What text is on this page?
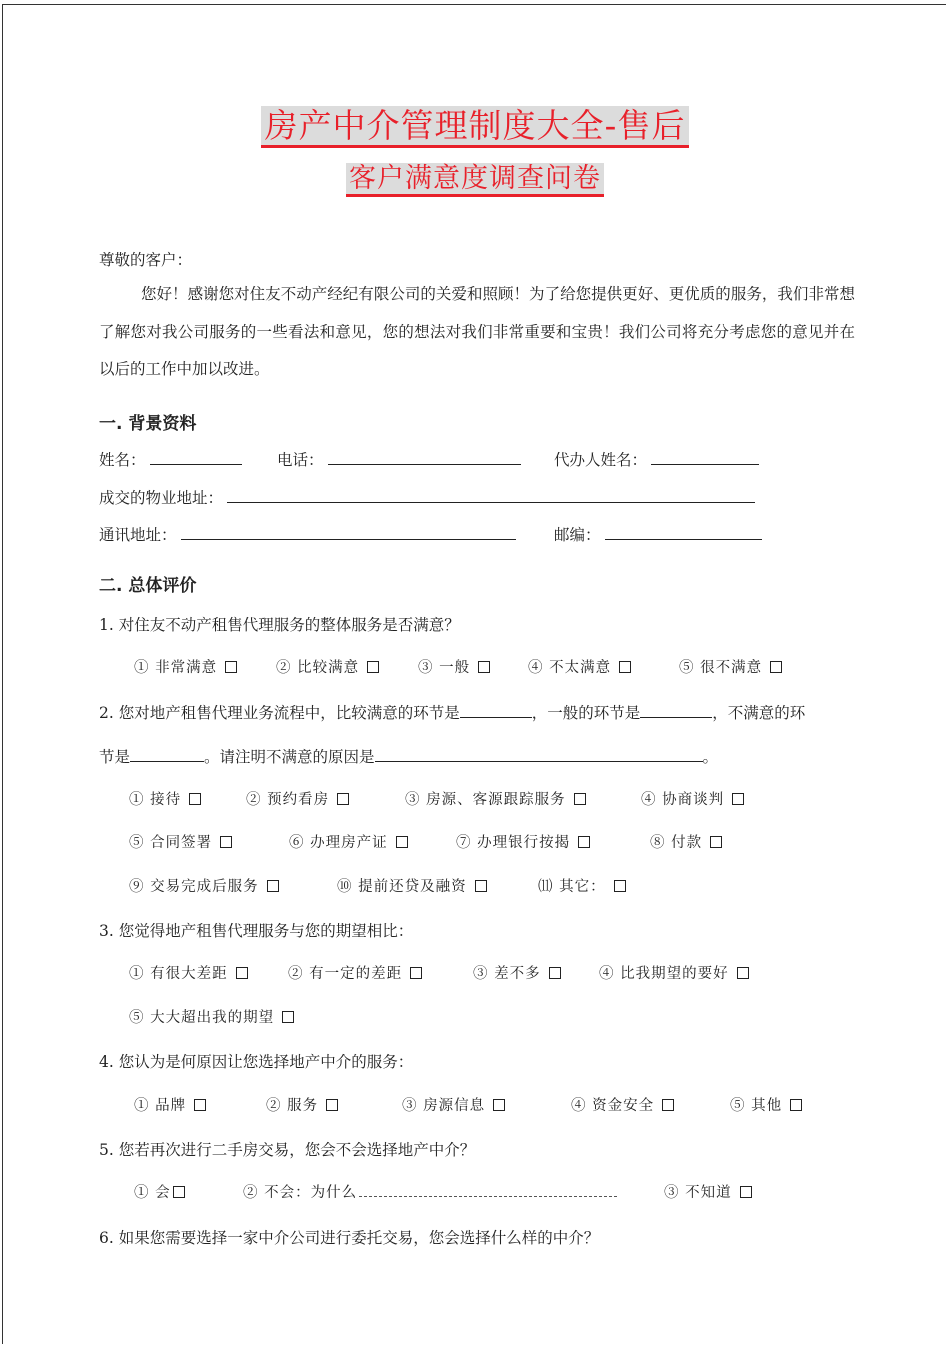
房产中介管理制度大全-售后
客户满意度调查问卷
尊敬的客户：
您好！感谢您对住友不动产经纪有限公司的关爱和照顾！为了给您提供更好、更优质的服务，我们非常想了解您对我公司服务的一些看法和意见，您的想法对我们非常重要和宝贵！我们公司将充分考虑您的意见并在以后的工作中加以改进。
一. 背景资料
姓名：	电话：	代办人姓名：
成交的物业地址：
通讯地址：	邮编：
二. 总体评价
1. 对住友不动产租售代理服务的整体服务是否满意？
① 非常满意	② 比较满意	③ 一般	④ 不太满意	⑤ 很不满意
2. 您对地产租售代理业务流程中，比较满意的环节是	，一般的环节是	，不满意的环
节是	。请注明不满意的原因是	。
① 接待	② 预约看房	③ 房源、客源跟踪服务	④ 协商谈判
⑤ 合同签署	⑥ 办理房产证	⑦ 办理银行按揭	⑧ 付款
⑨ 交易完成后服务	⑩ 提前还贷及融资	⑾ 其它：
3. 您觉得地产租售代理服务与您的期望相比：
① 有很大差距	② 有一定的差距	③ 差不多	④ 比我期望的要好
⑤ 大大超出我的期望
4. 您认为是何原因让您选择地产中介的服务：
① 品牌	② 服务	③ 房源信息	④ 资金安全	⑤ 其他
5. 您若再次进行二手房交易，您会不会选择地产中介？
① 会	② 不会：为什么	③ 不知道
6. 如果您需要选择一家中介公司进行委托交易，您会选择什么样的中介？
